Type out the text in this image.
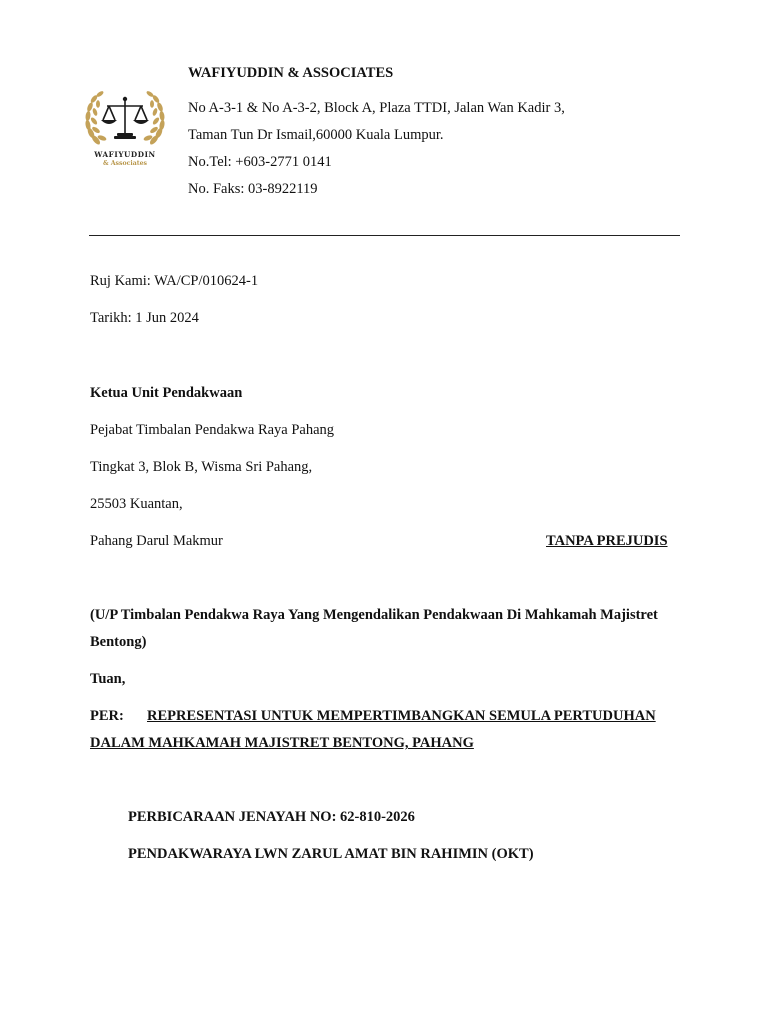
WAFIYUDDIN
& Associates
WAFIYUDDIN & ASSOCIATES
No A-3-1 & No A-3-2, Block A, Plaza TTDI, Jalan Wan Kadir 3,
Taman Tun Dr Ismail,60000 Kuala Lumpur.
No.Tel: +603-2771 0141
No. Faks: 03-8922119
Ruj Kami: WA/CP/010624-1
Tarikh: 1 Jun 2024
Ketua Unit Pendakwaan
Pejabat Timbalan Pendakwa Raya Pahang
Tingkat 3, Blok B, Wisma Sri Pahang,
25503 Kuantan,
Pahang Darul Makmur	TANPA PREJUDIS
(U/P Timbalan Pendakwa Raya Yang Mengendalikan Pendakwaan Di Mahkamah Majistret Bentong)
Tuan,
PER: REPRESENTASI UNTUK MEMPERTIMBANGKAN SEMULA PERTUDUHAN
DALAM MAHKAMAH MAJISTRET BENTONG, PAHANG
PERBICARAAN JENAYAH NO: 62-810-2026
PENDAKWARAYA LWN ZARUL AMAT BIN RAHIMIN (OKT)
